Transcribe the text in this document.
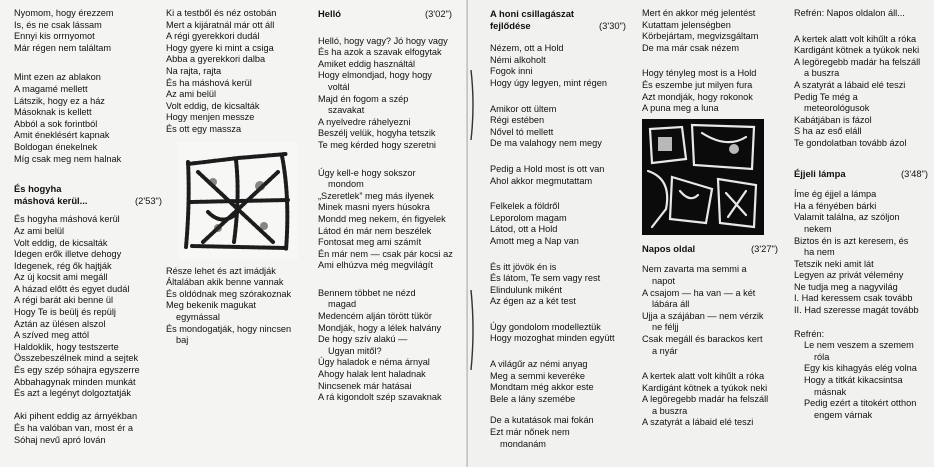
Nyomom, hogy érezzem
Is, és ne csak lássam
Ennyi kis orrnyomot
Már régen nem találtam
Mint ezen az ablakon
A magamé mellett
Látszik, hogy ez a ház
Másoknak is kellett
Abból a sok forintból
Amit éneklésért kapnak
Boldogan énekelnek
Míg csak meg nem halnak
És hogyha
máshová kerül...	(2'53")
És hogyha máshová kerül
Az ami belül
Volt eddig, de kicsalták
Idegen erők illetve dehogy
Idegenek, rég ők hajtják
Az új kocsit ami megáll
A házad előtt és egyet dudál
A régi barát aki benne ül
Hogy Te is beülj és repülj
Aztán az ülésen alszol
A szíved meg attól
Haldoklik, hogy testszerte
Összebeszélnek mind a sejtek
És egy szép sóhajra egyszerre
Abbahagynak minden munkát
És azt a legényt dolgoztatják
Aki pihent eddig az árnyékban
És ha valóban van, most ér a
Sóhaj nevű apró lován
Ki a testből és néz ostobán
Mert a kijáratnál már ott áll
A régi gyerekkori dudál
Hogy gyere ki mint a csiga
Abba a gyerekkori dalba
Na rajta, rajta
És ha máshová kerül
Az ami belül
Volt eddig, de kicsalták
Hogy menjen messze
És ott egy massza
Része lehet és azt imádják
Általában akik benne vannak
És oldódnak meg szórakoznak
Meg bekenik magukat
egymással
És mondogatják, hogy nincsen
baj
Helló	(3'02")
Helló, hogy vagy? Jó hogy vagy
És ha azok a szavak elfogytak
Amiket eddig használtál
Hogy elmondjad, hogy hogy
voltál
Majd én fogom a szép
szavakat
A nyelvedre ráhelyezni
Beszélj velük, hogyha tetszik
Te meg kérded hogy szeretni
Úgy kell-e hogy sokszor
mondom
„Szeretlek” meg más ilyenek
Minek masni nyers húsokra
Mondd meg nekem, én figyelek
Látod én már nem beszélek
Fontosat meg ami számít
Én már nem — csak pár kocsi az
Ami elhúzva még megvilágít
Bennem többet ne nézd
magad
Medencém alján törött tükör
Mondják, hogy a lélek halvány
De hogy szív alakú —
Ugyan mitől?
Úgy haladok e néma árnyal
Ahogy halak lent haladnak
Nincsenek már hatásai
A rá kigondolt szép szavaknak
A honi csillagászat
fejlődése	(3'30")
Nézem, ott a Hold
Némi alkoholt
Fogok inni
Hogy úgy legyen, mint régen
Amikor ott ültem
Régi estében
Nővel tó mellett
De ma valahogy nem megy
Pedig a Hold most is ott van
Ahol akkor megmutattam
Felkelek a földről
Leporolom magam
Látod, ott a Hold
Amott meg a Nap van
És itt jövök én is
És látom, Te sem vagy rest
Elindulunk miként
Az égen az a két test
Úgy gondolom modelleztük
Hogy mozoghat minden együtt
A világűr az némi anyag
Meg a semmi keveréke
Mondtam még akkor este
Bele a lány szemébe
De a kutatások mai fokán
Ezt már nőnek nem
mondanám
Mert én akkor még jelentést
Kutattam jelenségben
Körbejártam, megvizsgáltam
De ma már csak nézem
Hogy tényleg most is a Hold
És eszembe jut milyen fura
Azt mondják, hogy rokonok
A puna meg a luna
Napos oldal	(3'27")
Nem zavarta ma semmi a
napot
A csajom — ha van — a két
lábára áll
Ujja a szájában — nem vérzik
ne féljj
Csak megáll és barackos kert
a nyár
A kertek alatt volt kihűlt a róka
Kardigánt kötnek a tyúkok neki
A legöregebb madár ha felszáll
a buszra
A szatyrát a lábaid elé teszi
Refrén: Napos oldalon áll...
A kertek alatt volt kihűlt a róka
Kardigánt kötnek a tyúkok neki
A legöregebb madár ha felszáll
a buszra
A szatyrát a lábaid elé teszi
Pedig Te még a
meteorológusok
Kabátjában is fázol
S ha az eső eláll
Te gondolatban tovább ázol
Éjjeli lámpa	(3'48")
Íme ég éjjel a lámpa
Ha a fényében bárki
Valamit találna, az szóljon
nekem
Biztos én is azt keresem, és
ha nem
Tetszik neki amit lát
Legyen az privát vélemény
Ne tudja meg a nagyvilág
I. Had keressem csak tovább
II. Had szeresse magát tovább
Refrén:
Le nem veszem a szemem
róla
Egy kis kihagyás elég volna
Hogy a titkát kikacsintsa
másnak
Pedig ezért a titokért otthon
engem várnak
